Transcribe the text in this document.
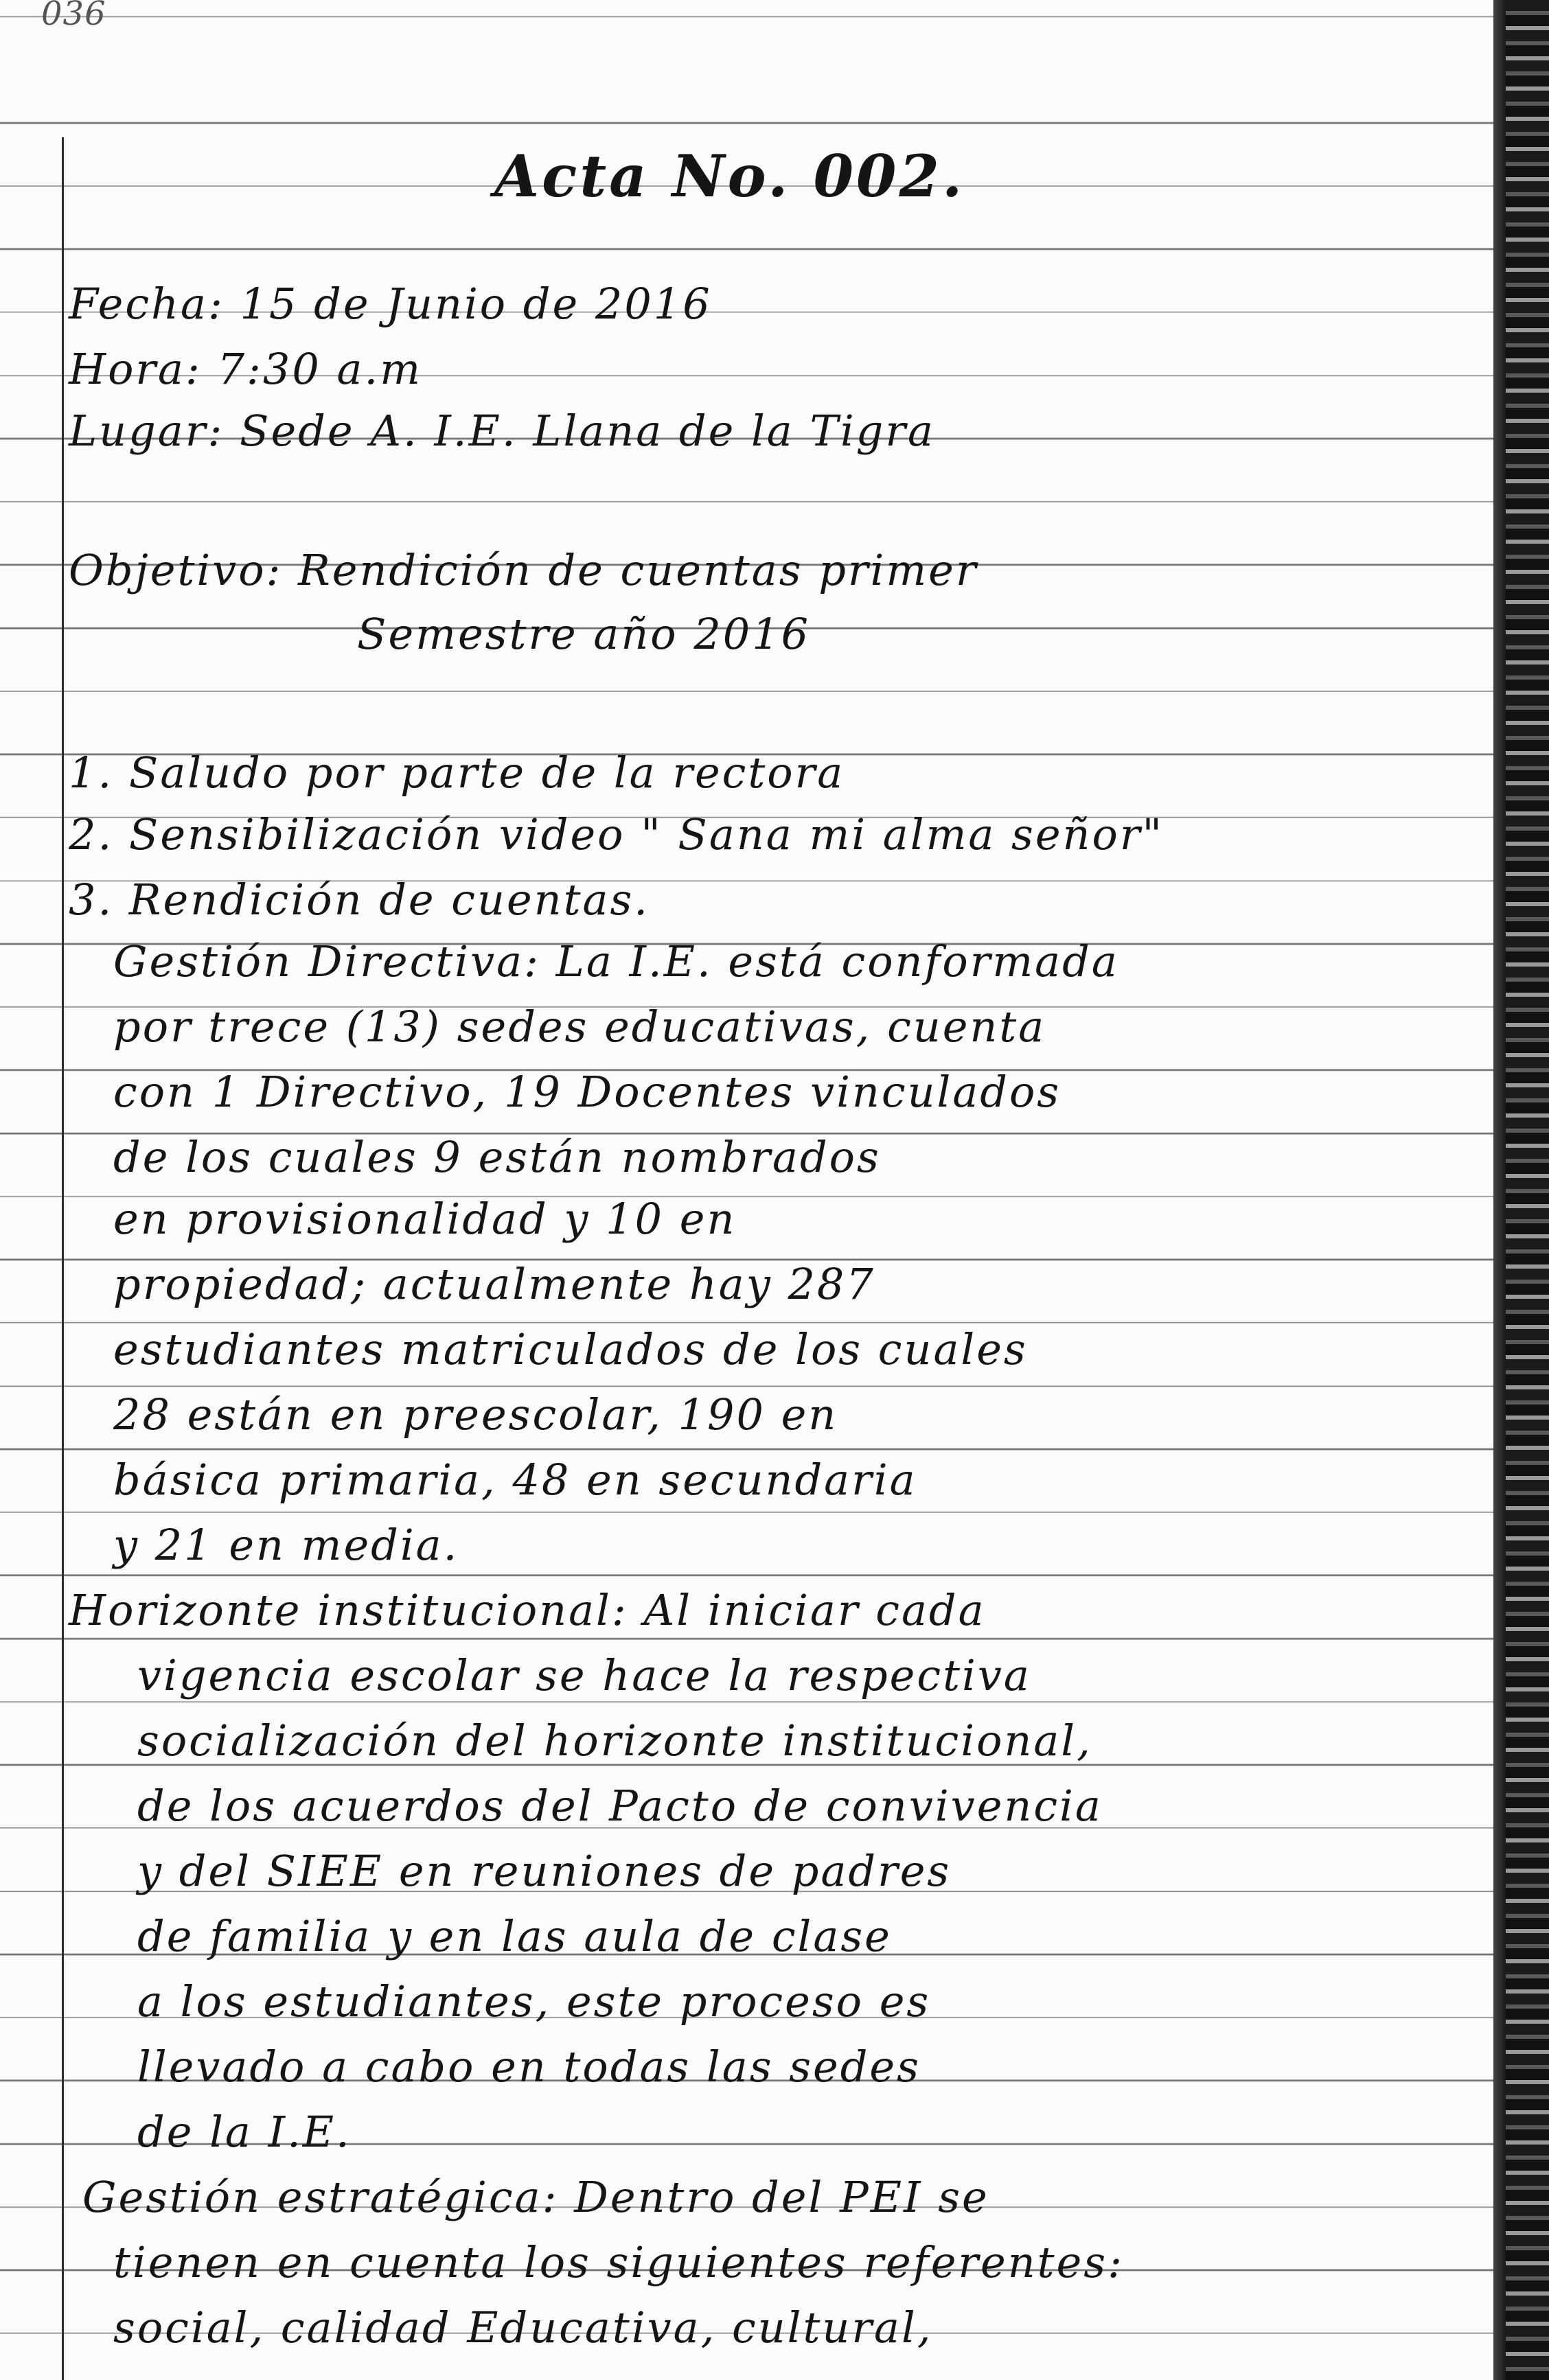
036
Acta No. 002.
Fecha: 15 de Junio de 2016
Hora: 7:30 a.m
Lugar: Sede A. I.E. Llana de la Tigra
Objetivo: Rendición de cuentas primer
Semestre año 2016
1. Saludo por parte de la rectora
2. Sensibilización video " Sana mi alma señor"
3. Rendición de cuentas.
Gestión Directiva: La I.E. está conformada
por trece (13) sedes educativas, cuenta
con 1 Directivo, 19 Docentes vinculados
de los cuales 9 están nombrados
en provisionalidad y 10 en
propiedad; actualmente hay 287
estudiantes matriculados de los cuales
28 están en preescolar, 190 en
básica primaria, 48 en secundaria
y 21 en media.
Horizonte institucional: Al iniciar cada
vigencia escolar se hace la respectiva
socialización del horizonte institucional,
de los acuerdos del Pacto de convivencia
y del SIEE en reuniones de padres
de familia y en las aula de clase
a los estudiantes, este proceso es
llevado a cabo en todas las sedes
de la I.E.
Gestión estratégica: Dentro del PEI se
tienen en cuenta los siguientes referentes:
social, calidad Educativa, cultural,
